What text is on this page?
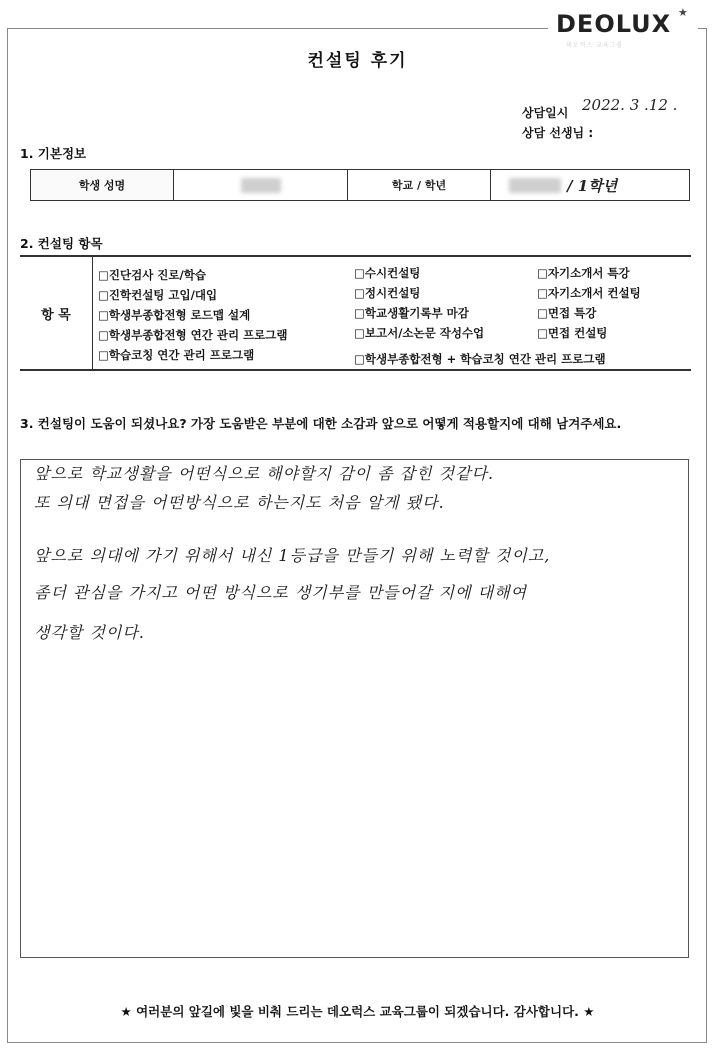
DEOLUX ★
데오럭스 교육그룹
컨설팅 후기
상담일시 2022. 3 .12 .
상담 선생님 :
1. 기본정보
학생 성명	학교 / 학년	/ 1학년
2. 컨설팅 항목
항 목
□진단검사 진로/학습
□진학컨설팅 고입/대입
□학생부종합전형 로드맵 설계
□학생부종합전형 연간 관리 프로그램
□학습코칭 연간 관리 프로그램
□수시컨설팅
□정시컨설팅
□학교생활기록부 마감
□보고서/소논문 작성수업
□학생부종합전형 + 학습코칭 연간 관리 프로그램
□자기소개서 특강
□자기소개서 컨설팅
□면접 특강
□면접 컨설팅
3. 컨설팅이 도움이 되셨나요? 가장 도움받은 부분에 대한 소감과 앞으로 어떻게 적용할지에 대해 남겨주세요.
앞으로 학교생활을 어떤식으로 해야할지 감이 좀 잡힌 것같다.
또 의대 면접을 어떤방식으로 하는지도 처음 알게 됐다.
앞으로 의대에 가기 위해서 내신 1등급을 만들기 위해 노력할 것이고,
좀더 관심을 가지고 어떤 방식으로 생기부를 만들어갈 지에 대해여
생각할 것이다.
★ 여러분의 앞길에 빛을 비춰 드리는 데오럭스 교육그룹이 되겠습니다. 감사합니다. ★
